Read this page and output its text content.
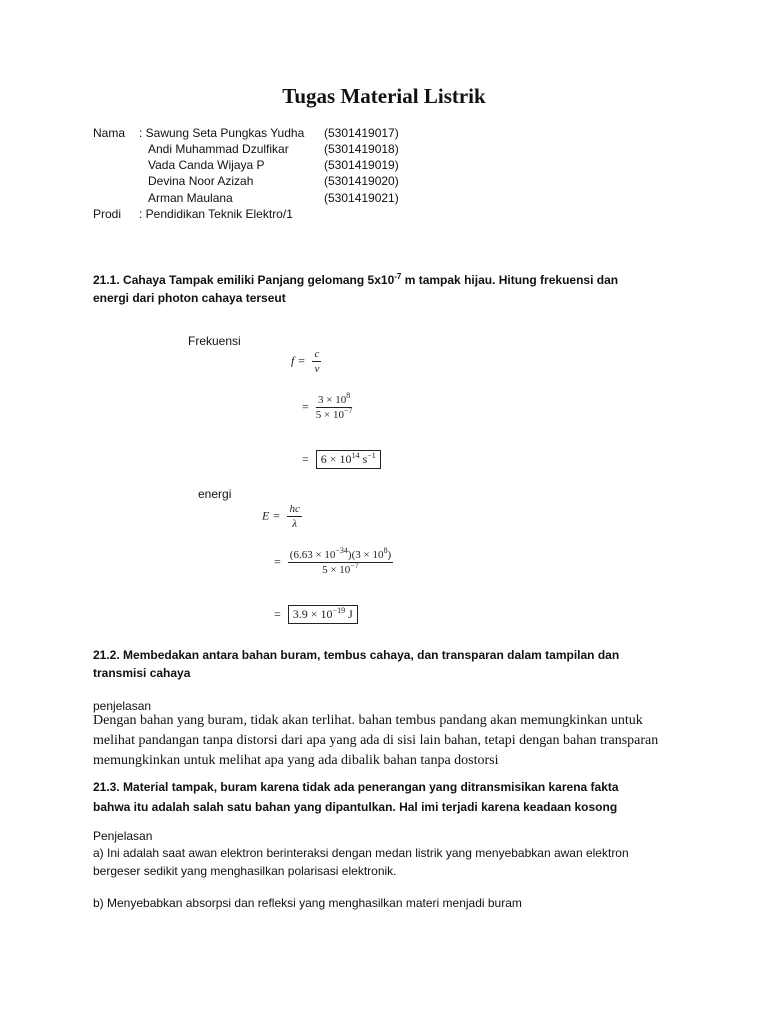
Tugas Material Listrik
Nama : Sawung Seta Pungkas Yudha (5301419017)
Andi Muhammad Dzulfikar	(5301419018)
Vada Canda Wijaya P	(5301419019)
Devina Noor Azizah	(5301419020)
Arman Maulana	(5301419021)
Prodi : Pendidikan Teknik Elektro/1
21.1. Cahaya Tampak emiliki Panjang gelomang $5x10^{-7}$ m tampak hijau. Hitung frekuensi dan
energi dari photon cahaya terseut
Frekuensi
$f = \frac{c}{v}$
= $\frac{3 \times 10^8}{5 \times 10^{-7}}$
= $6 \times 10^{14}$ $s^{-1}$
energi
$E = \frac{hc}{\lambda}$
= $\frac{(6.63 \times 10^{-34})(3 \times 10^8)}{5 \times 10^{-7}}$
= $3.9 \times 10^{-19}$ J
21.2. Membedakan antara bahan buram, tembus cahaya, dan transparan dalam tampilan dan
transmisi cahaya
penjelasan
Dengan bahan yang buram, tidak akan terlihat. bahan tembus pandang akan memungkinkan untuk
melihat pandangan tanpa distorsi dari apa yang ada di sisi lain bahan, tetapi dengan bahan transparan
memungkinkan untuk melihat apa yang ada dibalik bahan tanpa dostorsi
21.3. Material tampak, buram karena tidak ada penerangan yang ditransmisikan karena fakta
bahwa itu adalah salah satu bahan yang dipantulkan. Hal imi terjadi karena keadaan kosong
Penjelasan
a) Ini adalah saat awan elektron berinteraksi dengan medan listrik yang menyebabkan awan elektron
bergeser sedikit yang menghasilkan polarisasi elektronik.
b) Menyebabkan absorpsi dan refleksi yang menghasilkan materi menjadi buram
